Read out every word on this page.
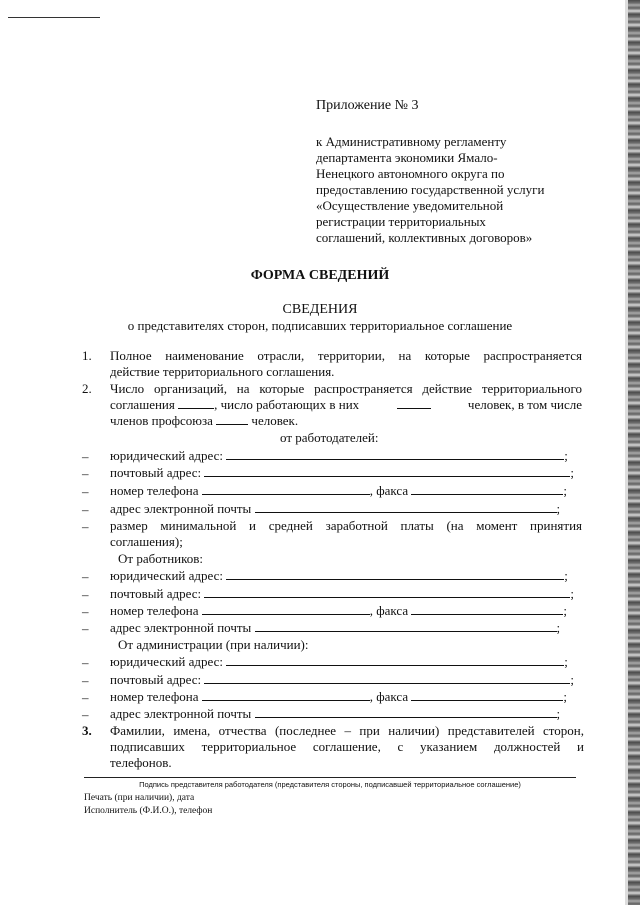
Приложение № 3
к Административному регламенту
департамента экономики Ямало-
Ненецкого автономного округа по
предоставлению государственной услуги
«Осуществление уведомительной
регистрации территориальных
соглашений, коллективных договоров»
ФОРМА СВЕДЕНИЙ
СВЕДЕНИЯ
о представителях сторон, подписавших территориальное соглашение
1. Полное наименование отрасли, территории, на которые распространяется
действие территориального соглашения.
2. Число организаций, на которые распространяется действие территориального
соглашения	, число работающих в них	человек, в том числе
членов профсоюза	человек.
от работодателей:
– юридический адрес:	;
– почтовый адрес:	;
– номер телефона	, факса	;
– адрес электронной почты	;
– размер минимальной и средней заработной платы (на момент принятия
соглашения);
От работников:
– юридический адрес:	;
– почтовый адрес:	;
– номер телефона	, факса	;
– адрес электронной почты	;
От администрации (при наличии):
– юридический адрес:	;
– почтовый адрес:	;
– номер телефона	, факса	;
– адрес электронной почты	;
3. Фамилии, имена, отчества (последнее – при наличии) представителей сторон,
подписавших территориальное соглашение, с указанием должностей и
телефонов.
Подпись представителя работодателя (представителя стороны, подписавшей территориальное соглашение)
Печать (при наличии), дата
Исполнитель (Ф.И.О.), телефон
